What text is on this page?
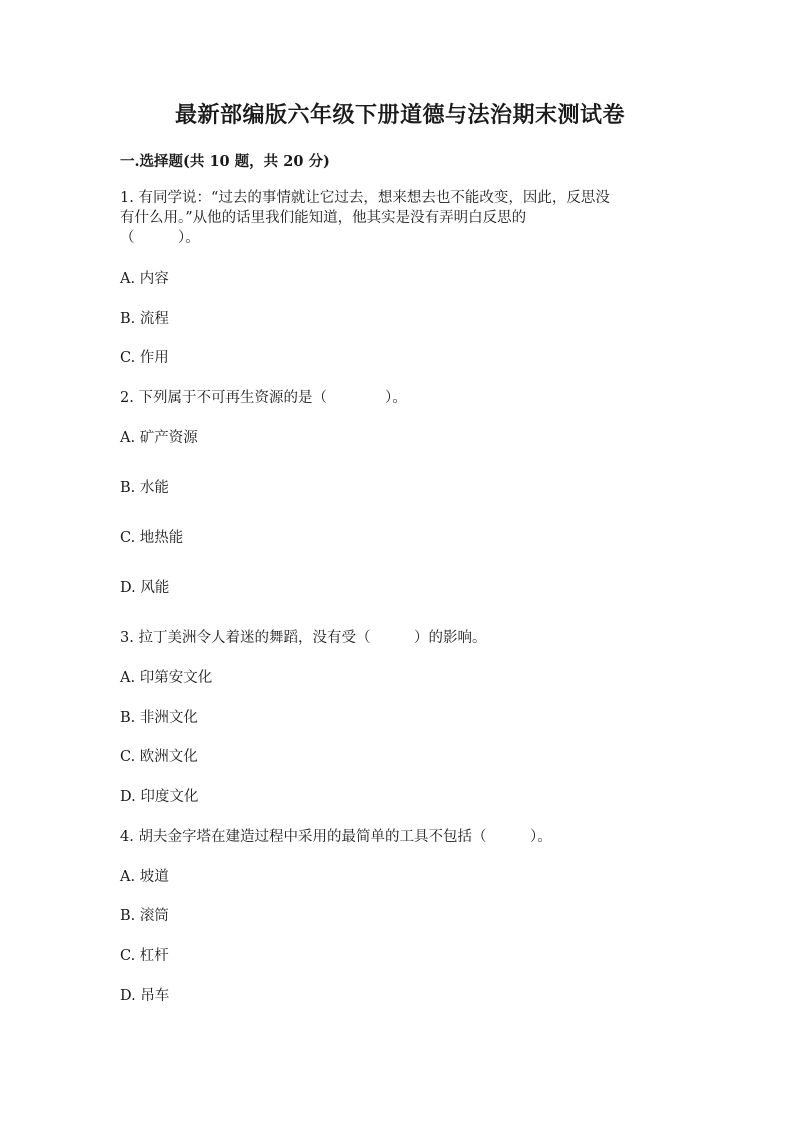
最新部编版六年级下册道德与法治期末测试卷
一.选择题(共 10 题，共 20 分)
1. 有同学说：“过去的事情就让它过去，想来想去也不能改变，因此，反思没
有什么用。”从他的话里我们能知道，他其实是没有弄明白反思的
（　　　）。
A. 内容
B. 流程
C. 作用
2. 下列属于不可再生资源的是（　　　　）。
A. 矿产资源
B. 水能
C. 地热能
D. 风能
3. 拉丁美洲令人着迷的舞蹈，没有受（　　　）的影响。
A. 印第安文化
B. 非洲文化
C. 欧洲文化
D. 印度文化
4. 胡夫金字塔在建造过程中采用的最简单的工具不包括（　　　）。
A. 坡道
B. 滚筒
C. 杠杆
D. 吊车
